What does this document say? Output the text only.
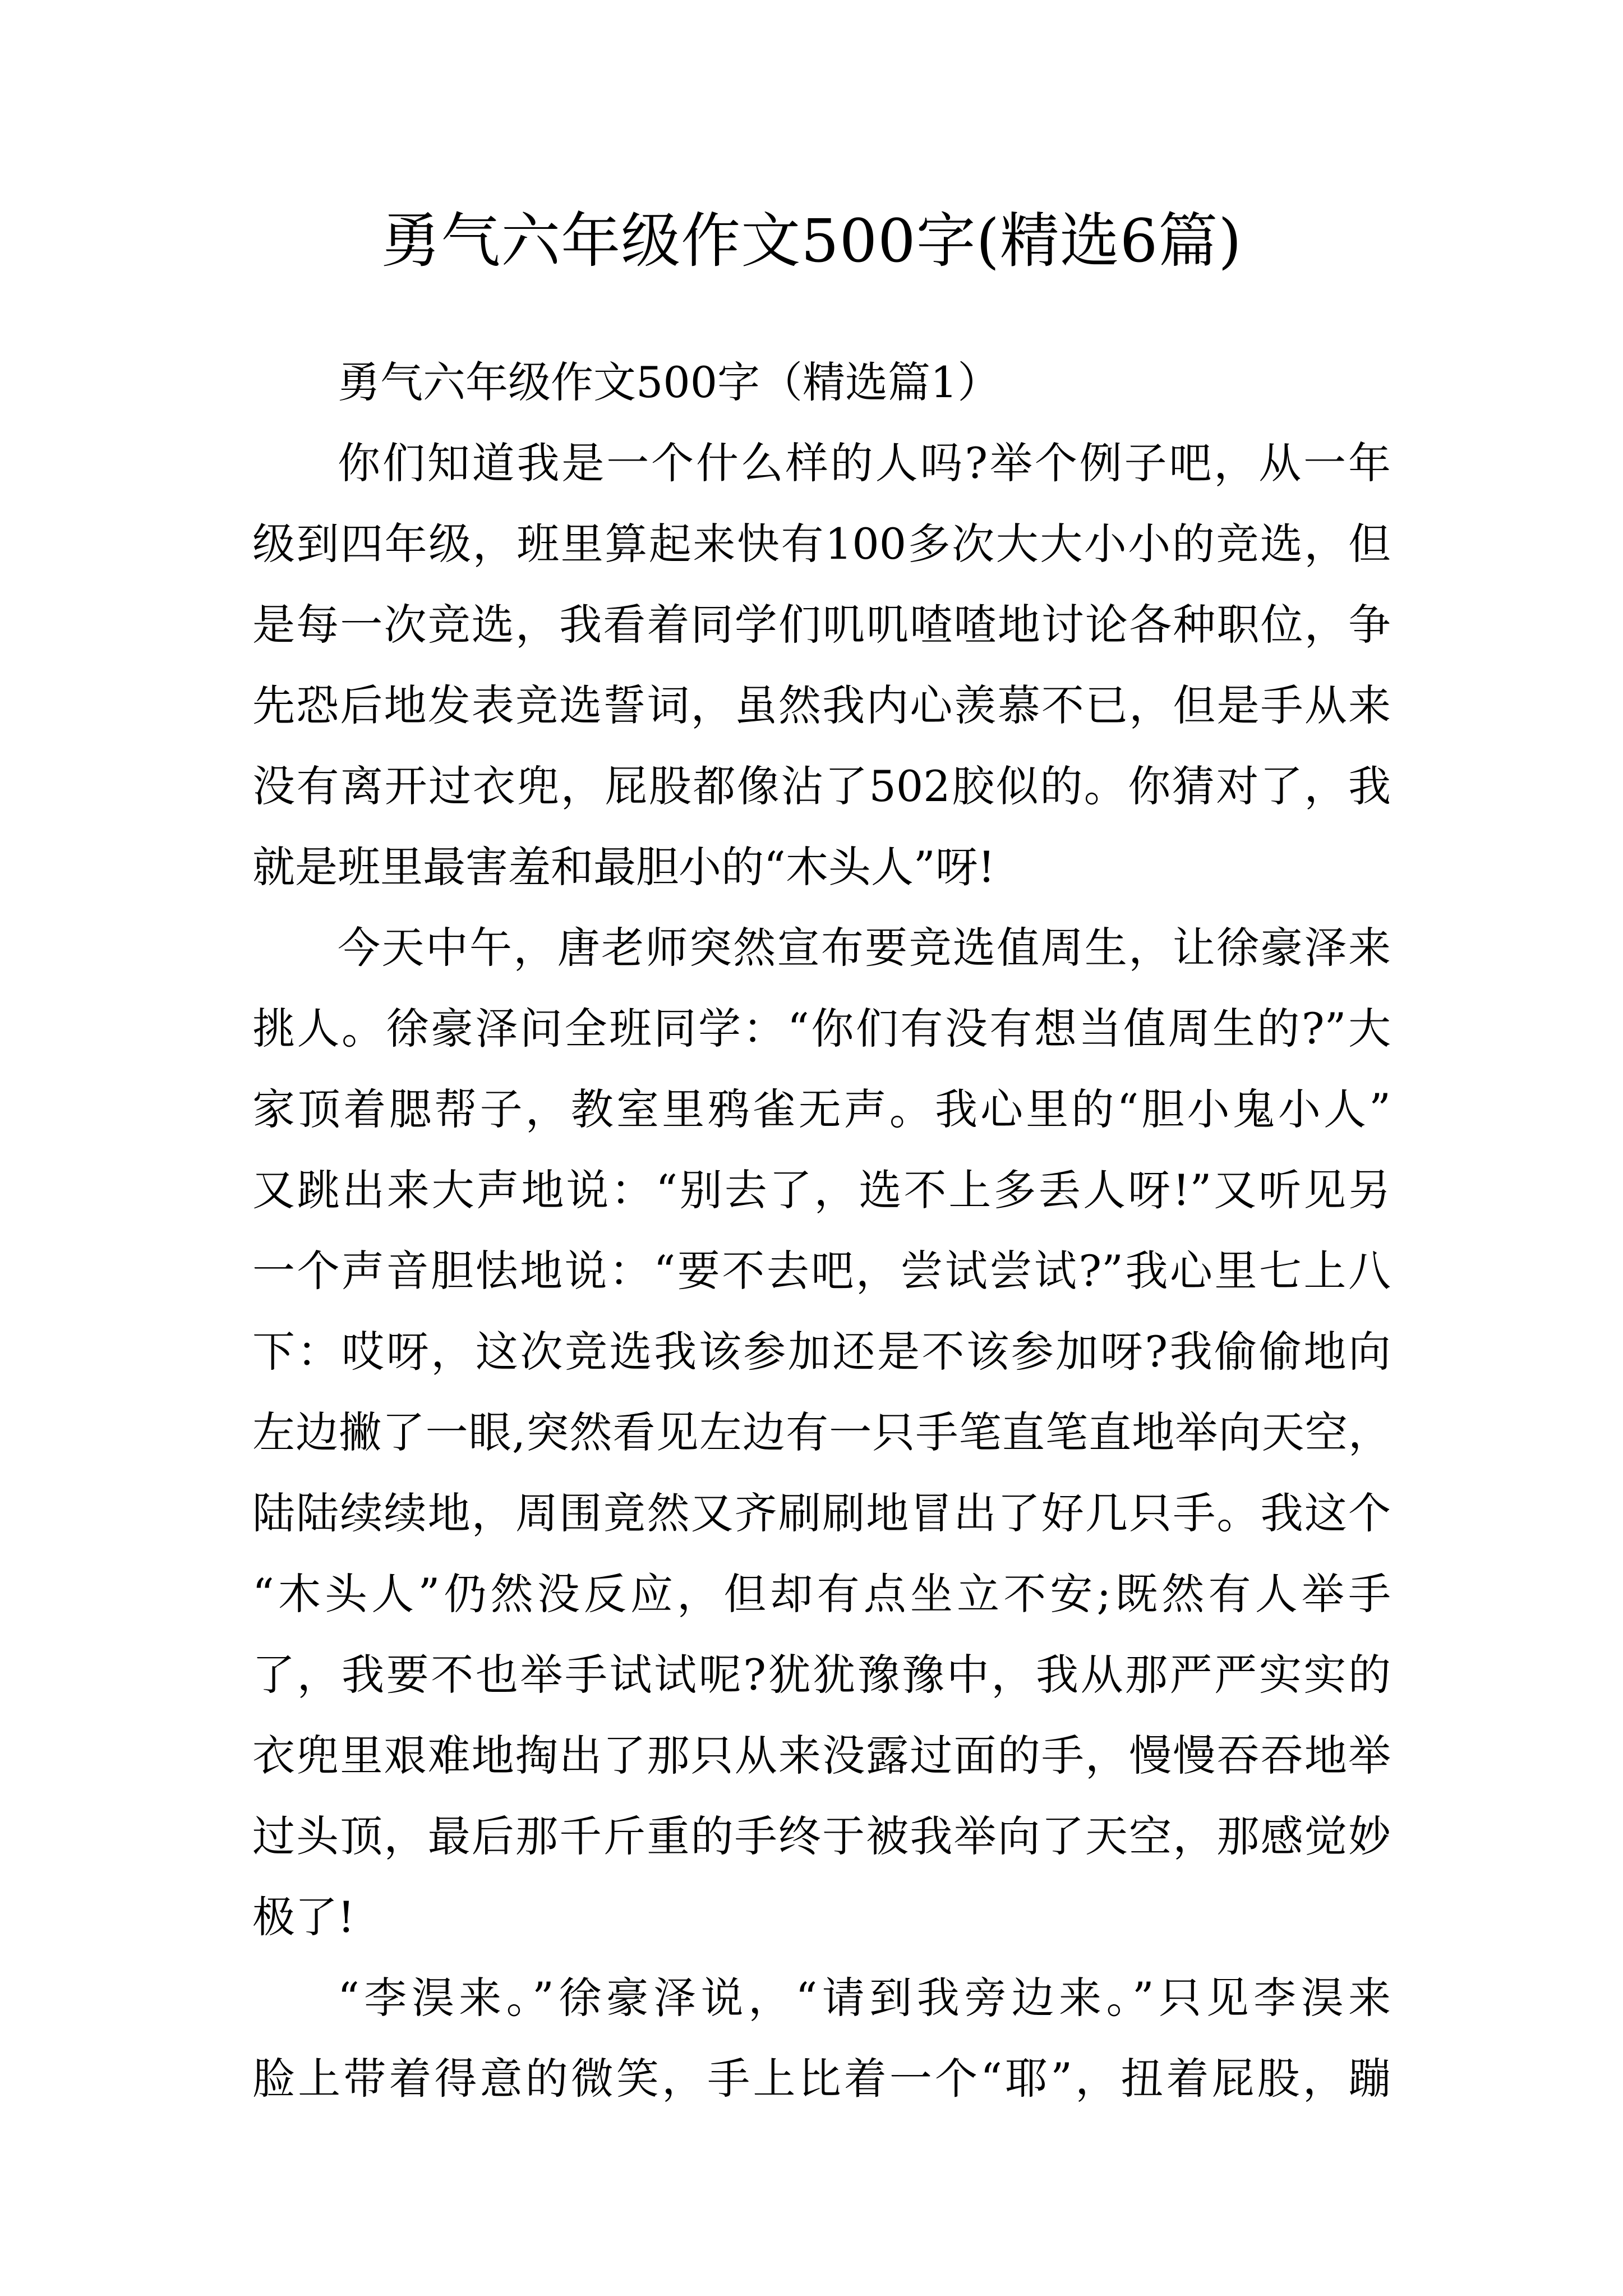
勇气六年级作文500字(精选6篇)
勇气六年级作文500字（精选篇1）
你们知道我是一个什么样的人吗?举个例子吧，从一年
级到四年级，班里算起来快有100多次大大小小的竞选，但
是每一次竞选，我看着同学们叽叽喳喳地讨论各种职位，争
先恐后地发表竞选誓词，虽然我内心羡慕不已，但是手从来
没有离开过衣兜，屁股都像沾了502胶似的。你猜对了，我
就是班里最害羞和最胆小的“木头人”呀!
今天中午，唐老师突然宣布要竞选值周生，让徐豪泽来
挑人。徐豪泽问全班同学：“你们有没有想当值周生的?”大
家顶着腮帮子，教室里鸦雀无声。我心里的“胆小鬼小人”
又跳出来大声地说：“别去了，选不上多丢人呀!”又听见另
一个声音胆怯地说：“要不去吧，尝试尝试?”我心里七上八
下：哎呀，这次竞选我该参加还是不该参加呀?我偷偷地向
左边撇了一眼,突然看见左边有一只手笔直笔直地举向天空，
陆陆续续地，周围竟然又齐刷刷地冒出了好几只手。我这个
“木头人”仍然没反应，但却有点坐立不安;既然有人举手
了，我要不也举手试试呢?犹犹豫豫中，我从那严严实实的
衣兜里艰难地掏出了那只从来没露过面的手，慢慢吞吞地举
过头顶，最后那千斤重的手终于被我举向了天空，那感觉妙
极了!
“李淏来。”徐豪泽说，“请到我旁边来。”只见李淏来
脸上带着得意的微笑，手上比着一个“耶”，扭着屁股，蹦
